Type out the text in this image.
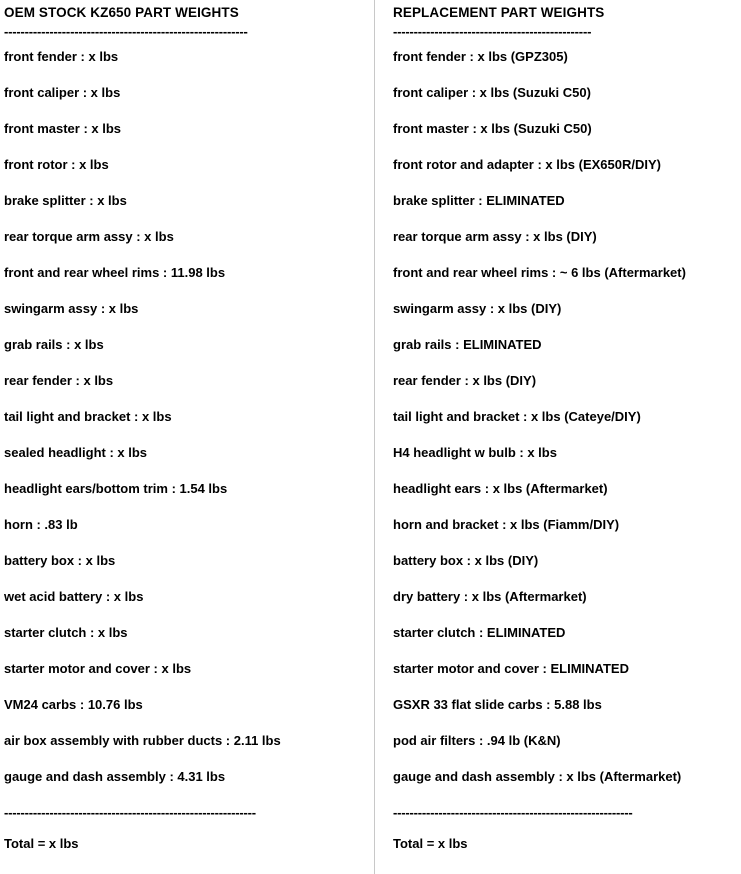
OEM STOCK KZ650 PART WEIGHTS
-----------------------------------------------------------
front fender : x lbs
front caliper : x lbs
front master : x lbs
front rotor : x lbs
brake splitter : x lbs
rear torque arm assy : x lbs
front and rear wheel rims : 11.98 lbs
swingarm assy : x lbs
grab rails : x lbs
rear fender : x lbs
tail light and bracket : x lbs
sealed headlight : x lbs
headlight ears/bottom trim : 1.54 lbs
horn : .83 lb
battery box : x lbs
wet acid battery : x lbs
starter clutch : x lbs
starter motor and cover : x lbs
VM24 carbs : 10.76 lbs
air box assembly with rubber ducts : 2.11 lbs
gauge and dash assembly : 4.31 lbs
-------------------------------------------------------------
Total = x lbs
REPLACEMENT PART WEIGHTS
------------------------------------------------
front fender : x lbs (GPZ305)
front caliper : x lbs (Suzuki C50)
front master : x lbs (Suzuki C50)
front rotor and adapter : x lbs (EX650R/DIY)
brake splitter : ELIMINATED
rear torque arm assy : x lbs (DIY)
front and rear wheel rims : ~ 6 lbs (Aftermarket)
swingarm assy : x lbs (DIY)
grab rails : ELIMINATED
rear fender : x lbs (DIY)
tail light and bracket : x lbs (Cateye/DIY)
H4 headlight w bulb : x lbs
headlight ears : x lbs (Aftermarket)
horn and bracket : x lbs (Fiamm/DIY)
battery box : x lbs (DIY)
dry battery : x lbs (Aftermarket)
starter clutch : ELIMINATED
starter motor and cover : ELIMINATED
GSXR 33 flat slide carbs : 5.88 lbs
pod air filters : .94 lb (K&N)
gauge and dash assembly : x lbs (Aftermarket)
----------------------------------------------------------
Total = x lbs
